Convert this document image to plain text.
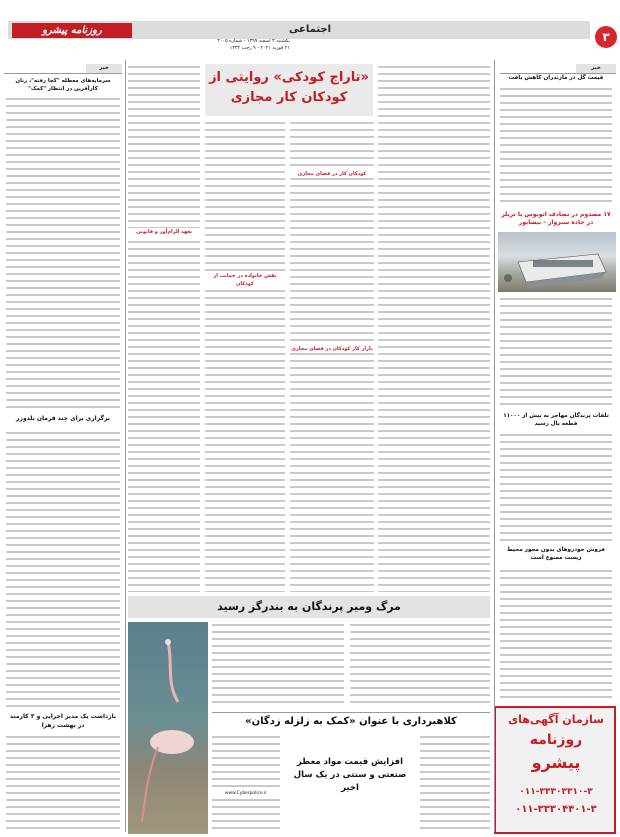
۳
اجتماعی
روزنامه پیشرو
یکشنبه ۳ اسفند ۱۳۹۹ - شماره ۲۰۰۵
۲۱ فوریه ۲۰۲۱ - ۹ رجب ۱۴۴۲
خبر
قیمت گل در مازندران کاهش یافت
۱۷ مصدوم در تصادف اتوبوس با تریلر در جاده سبزوار - نیشابور
تلفات پرندگان مهاجر به بیش از ۱۱۰۰۰ قطعه بال رسید
فروش خودروهای بدون مجوز محیط زیست ممنوع است
سازمان آگهی‌های
روزنامه
پیشرو
۰۱۱-۳۳۳۰۳۳۱۰-۳
۰۱۱-۳۳۳۰۴۴۰۱-۳
«تاراج کودکی» روایتی از کودکان کار مجازی
کودکان کار در فضای مجازی
نقش خانواده در حمایت از کودکان
بازار کار کودکان در فضای مجازی
تعهد الزام‌آور و قانونی
مرگ ومیر پرندگان به بندرگز رسید
کلاهبرداری با عنوان «کمک به زلزله زدگان»
افزایش قیمت مواد معطر صنعتی و سنتی در یک سال اخیر
www.Cyberpolice.ir
خبر
سرمایه‌های معطله "کجا رفته"، زنان کارآفرین در انتظار "کمک"
برگزاری برای چند فرمان بلدوزر
بازداشت یک مدیر اجرایی و ۳ کارمند در بهشت زهرا
